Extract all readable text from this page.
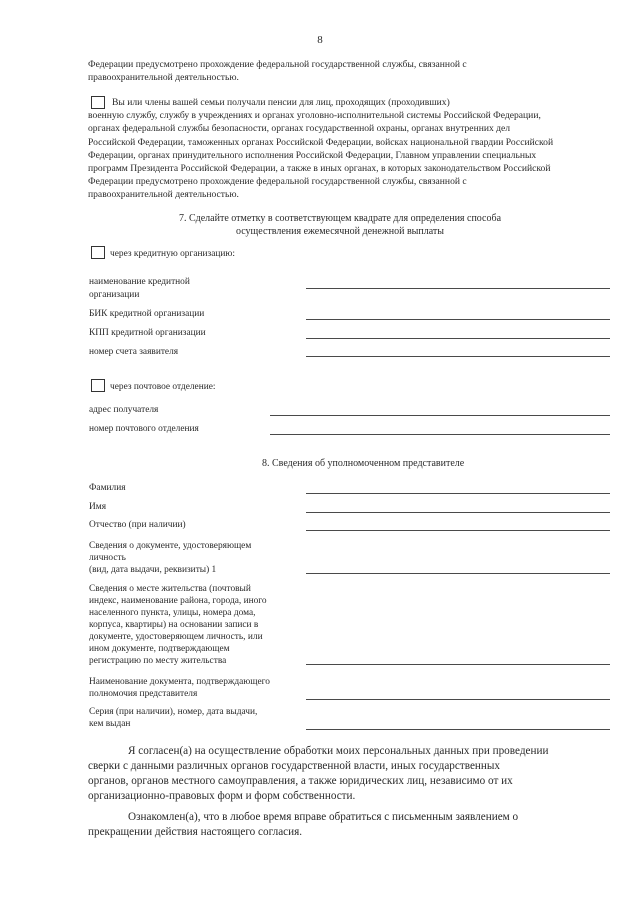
8
Федерации предусмотрено прохождение федеральной государственной службы, связанной с
правоохранительной деятельностью.
Вы или члены вашей семьи получали пенсии для лиц, проходящих (проходивших)
военную службу, службу в учреждениях и органах уголовно-исполнительной системы Российской Федерации,
органах федеральной службы безопасности, органах государственной охраны, органах внутренних дел
Российской Федерации, таможенных органах Российской Федерации, войсках национальной гвардии Российской
Федерации, органах принудительного исполнения Российской Федерации, Главном управлении специальных
программ Президента Российской Федерации, а также в иных органах, в которых законодательством Российской
Федерации предусмотрено прохождение федеральной государственной службы, связанной с
правоохранительной деятельностью.
7. Сделайте отметку в соответствующем квадрате для определения способа
осуществления ежемесячной денежной выплаты
через кредитную организацию:
наименование кредитной
организации
БИК кредитной организации
КПП кредитной организации
номер счета заявителя
через почтовое отделение:
адрес получателя
номер почтового отделения
8. Сведения об уполномоченном представителе
Фамилия
Имя
Отчество (при наличии)
Сведения о документе, удостоверяющем
личность
(вид, дата выдачи, реквизиты) 1
Сведения о месте жительства (почтовый
индекс, наименование района, города, иного
населенного пункта, улицы, номера дома,
корпуса, квартиры) на основании записи в
документе, удостоверяющем личность, или
ином документе, подтверждающем
регистрацию по месту жительства
Наименование документа, подтверждающего
полномочия представителя
Серия (при наличии), номер, дата выдачи,
кем выдан
Я согласен(а) на осуществление обработки моих персональных данных при проведении
сверки с данными различных органов государственной власти, иных государственных
органов, органов местного самоуправления, а также юридических лиц, независимо от их
организационно-правовых форм и форм собственности.
Ознакомлен(а), что в любое время вправе обратиться с письменным заявлением о
прекращении действия настоящего согласия.
